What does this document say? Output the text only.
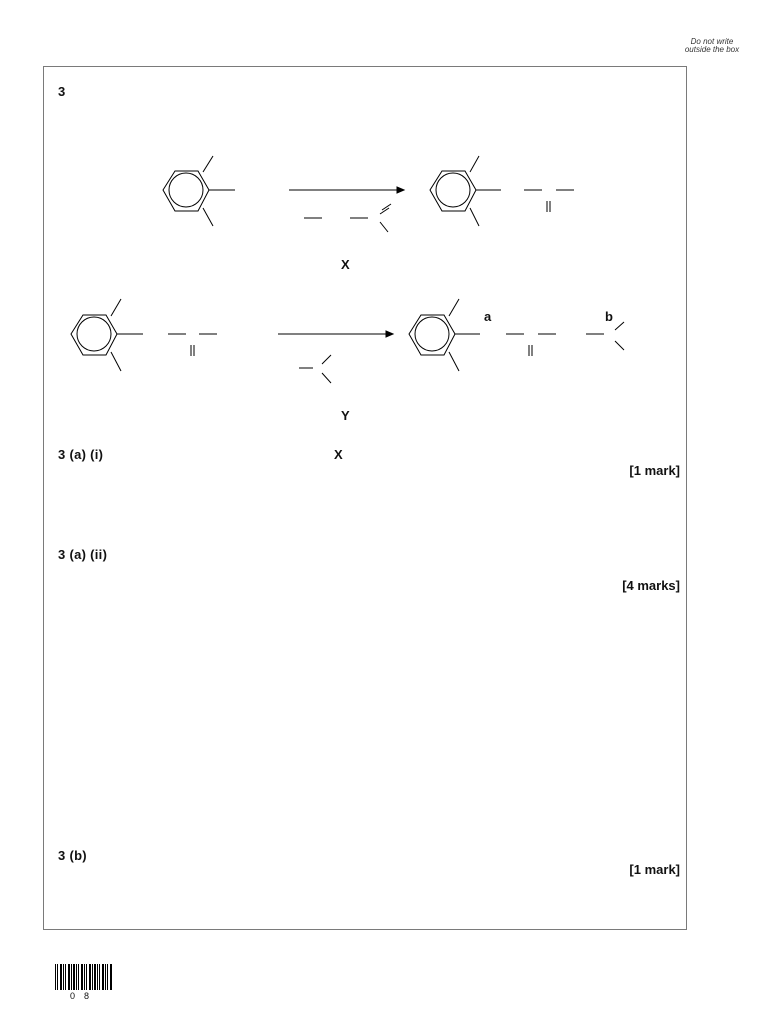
Do not write outside the box
3
X
a	b
Y
3 (a) (i)	X
[1 mark]
3 (a) (ii)
[4 marks]
3 (b)
[1 mark]
08
